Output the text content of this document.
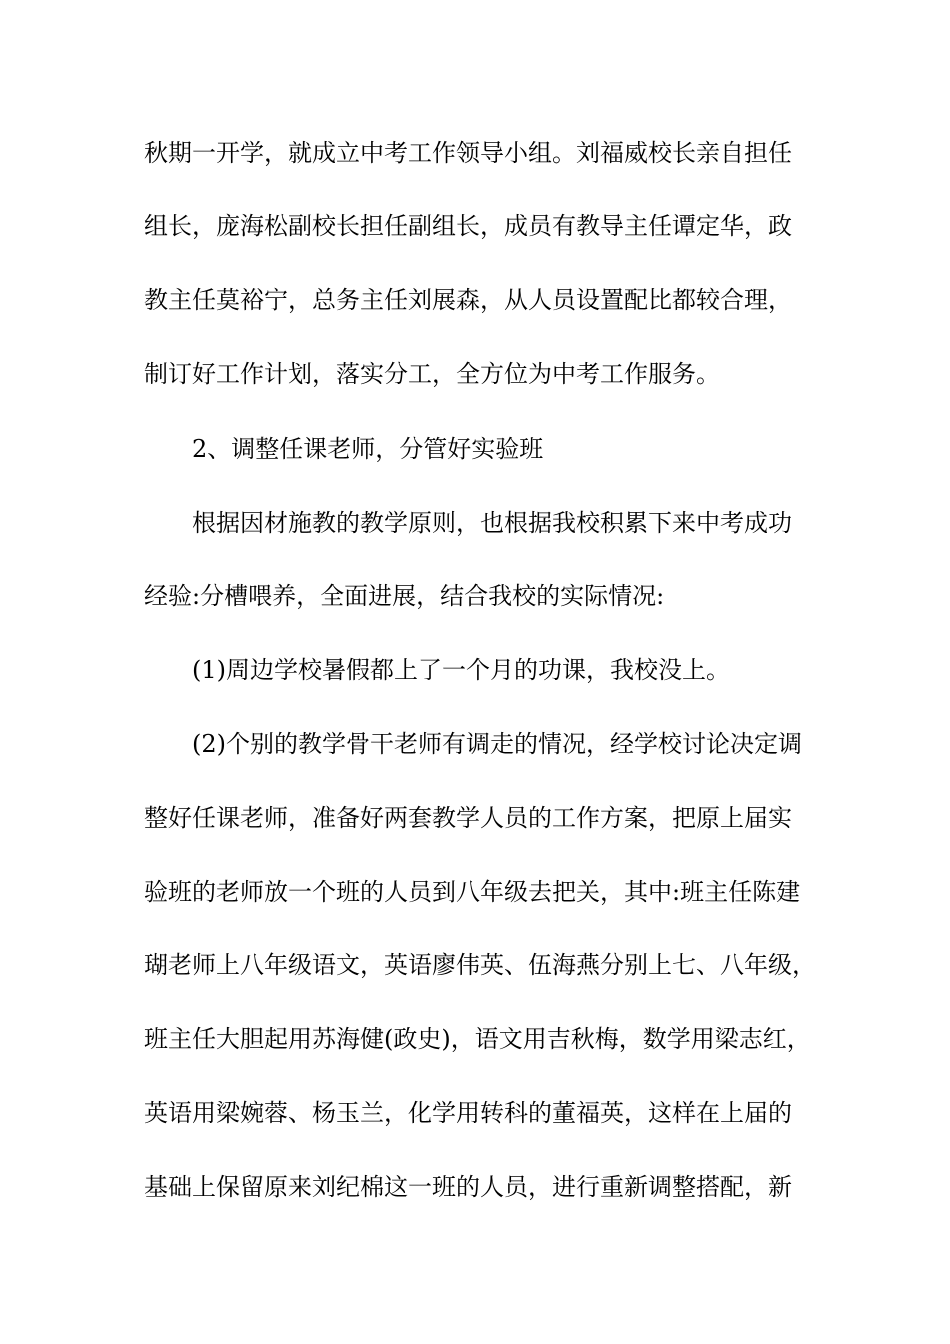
秋期一开学，就成立中考工作领导小组。刘福威校长亲自担任
组长，庞海松副校长担任副组长，成员有教导主任谭定华，政
教主任莫裕宁，总务主任刘展森，从人员设置配比都较合理，
制订好工作计划，落实分工，全方位为中考工作服务。
2、调整任课老师，分管好实验班
根据因材施教的教学原则，也根据我校积累下来中考成功
经验:分槽喂养，全面进展，结合我校的实际情况:
(1)周边学校暑假都上了一个月的功课，我校没上。
(2)个别的教学骨干老师有调走的情况，经学校讨论决定调
整好任课老师，准备好两套教学人员的工作方案，把原上届实
验班的老师放一个班的人员到八年级去把关，其中:班主任陈建
瑚老师上八年级语文，英语廖伟英、伍海燕分别上七、八年级，
班主任大胆起用苏海健(政史)，语文用吉秋梅，数学用梁志红，
英语用梁婉蓉、杨玉兰，化学用转科的董福英，这样在上届的
基础上保留原来刘纪棉这一班的人员，进行重新调整搭配，新
